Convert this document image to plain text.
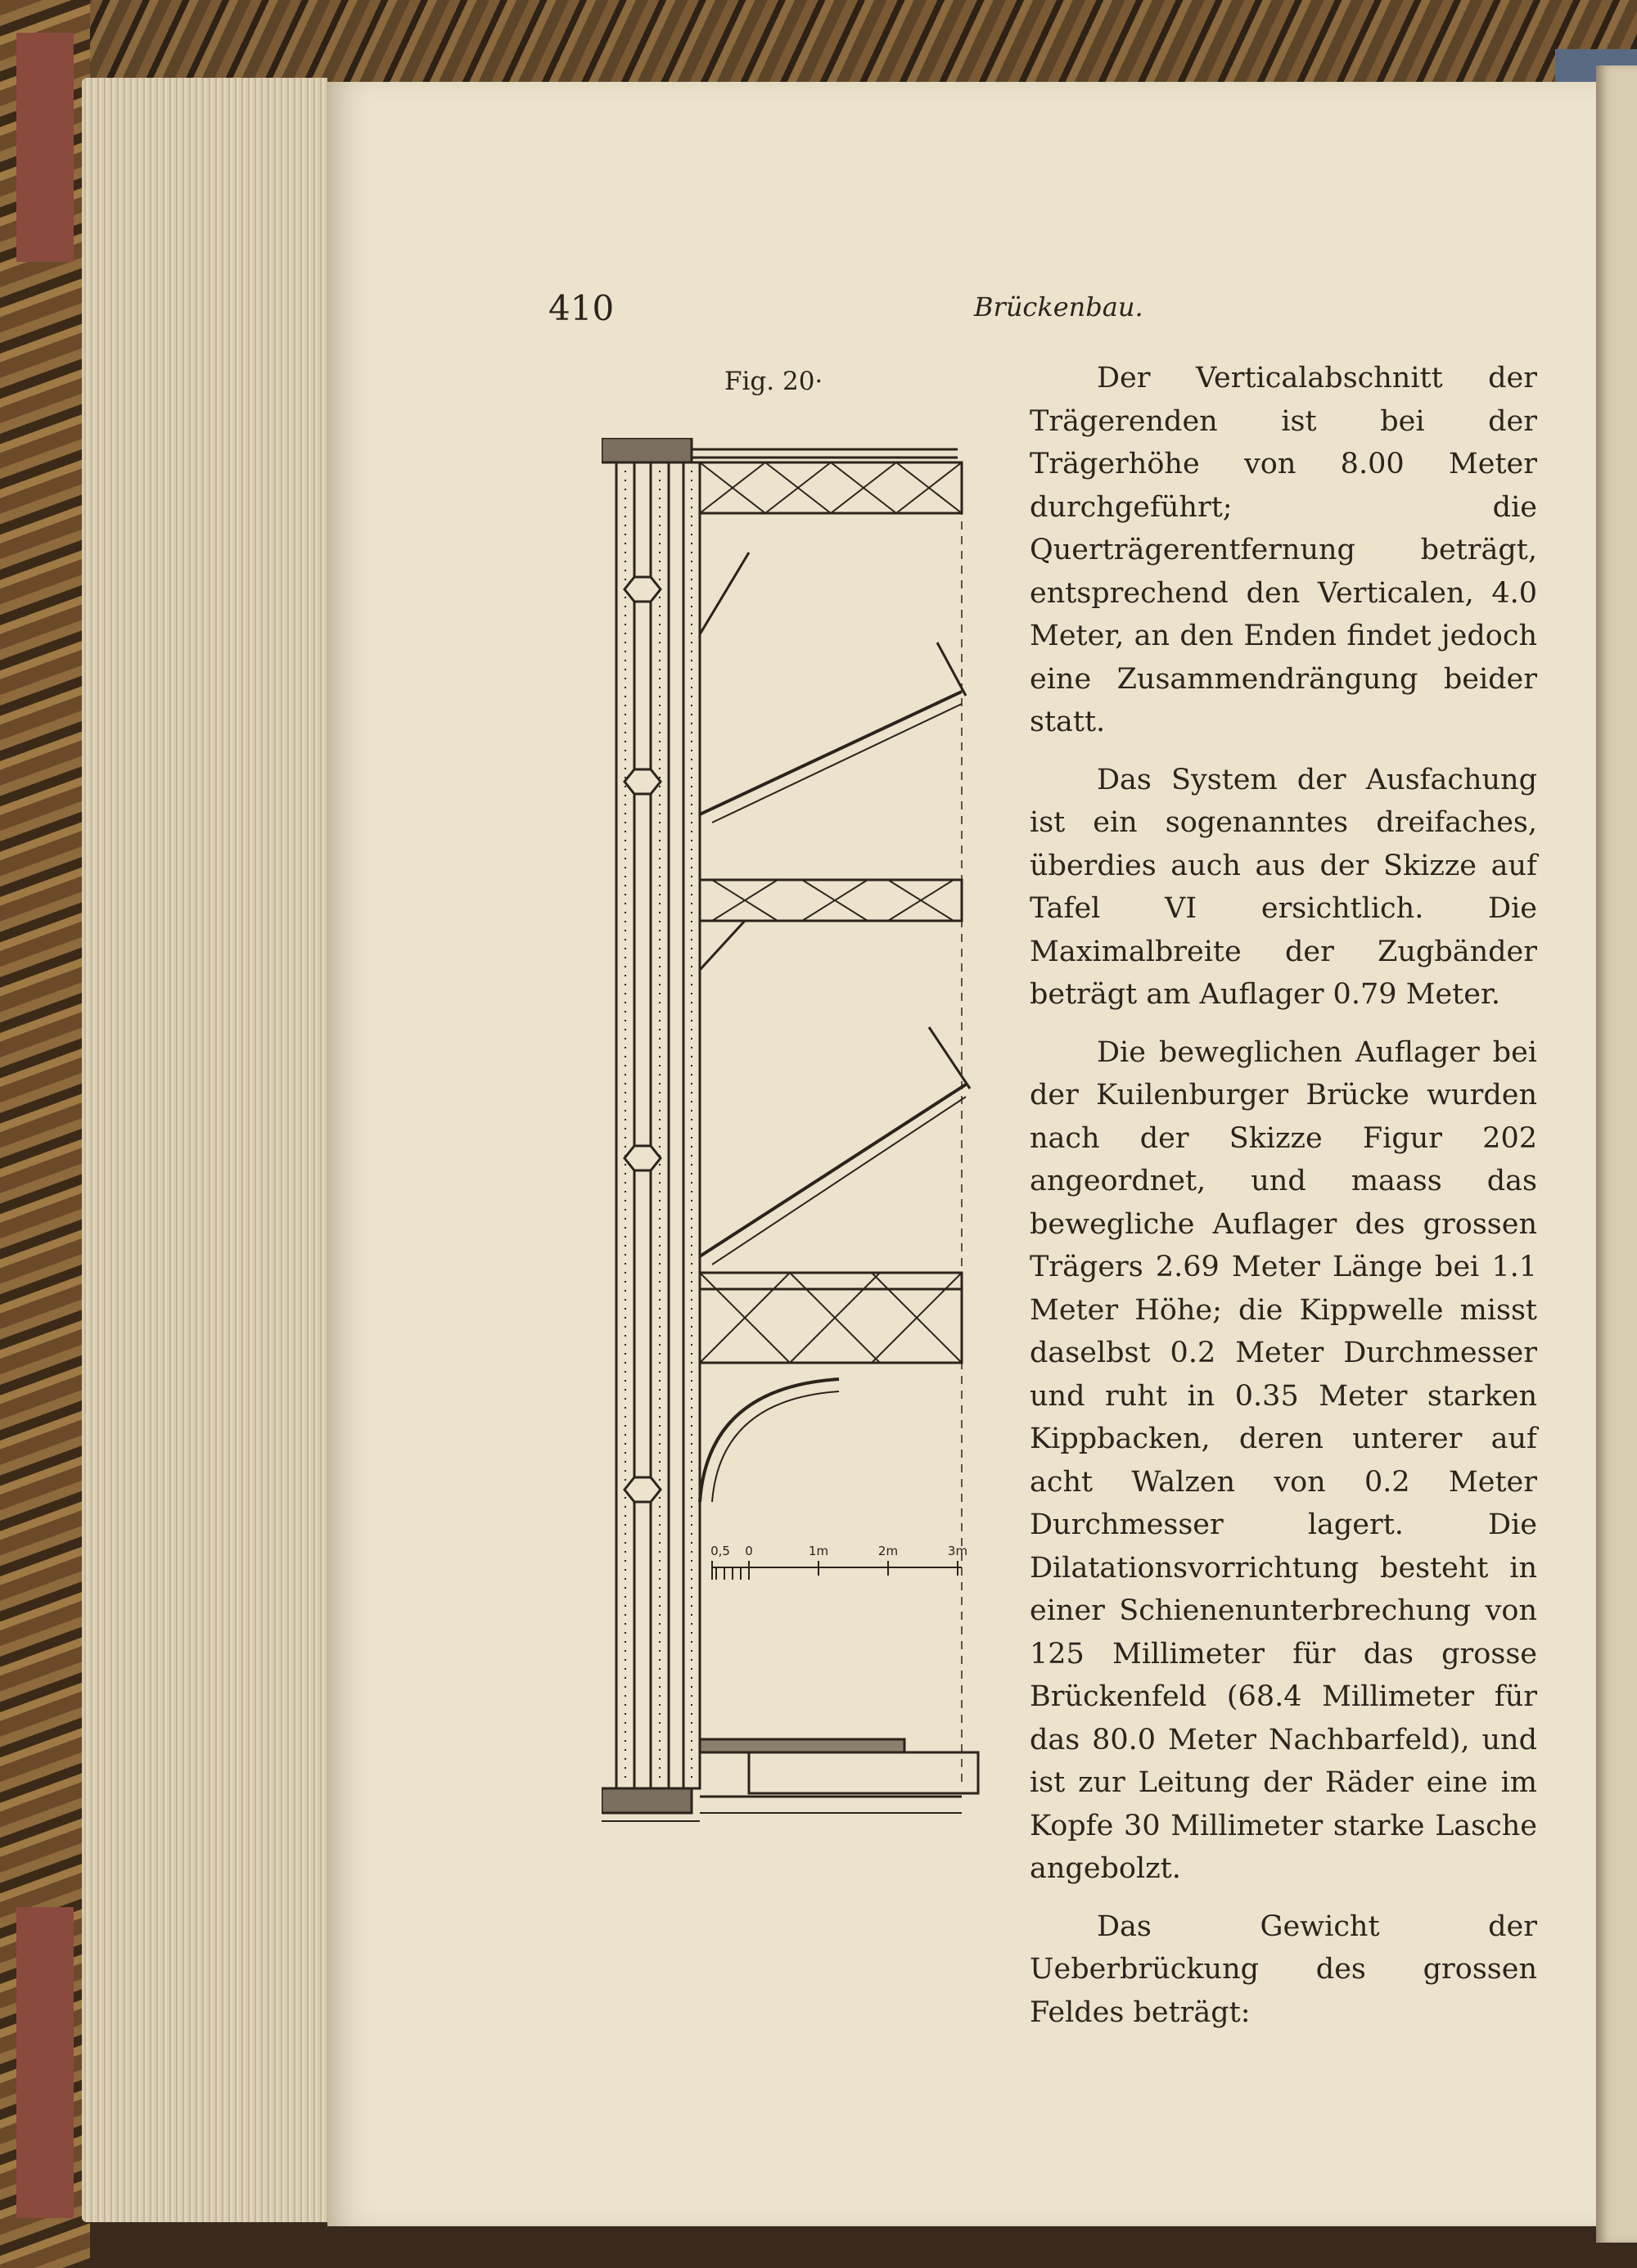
410	Brückenbau.
Fig. 20·
0,5 0	1m	2m	3m

Der Verticalabschnitt der Trägerenden ist bei der Trägerhöhe von 8.00 Meter durchgeführt; die Querträgerentfernung beträgt, entsprechend den Verticalen, 4.0 Meter, an den Enden findet jedoch eine Zusammendrängung beider statt.

Das System der Ausfachung ist ein sogenanntes dreifaches, überdies auch aus der Skizze auf Tafel VI ersichtlich. Die Maximalbreite der Zugbänder beträgt am Auflager 0.79 Meter.

Die beweglichen Auflager bei der Kuilenburger Brücke wurden nach der Skizze Figur 202 angeordnet, und maass das bewegliche Auflager des grossen Trägers 2.69 Meter Länge bei 1.1 Meter Höhe; die Kippwelle misst daselbst 0.2 Meter Durchmesser und ruht in 0.35 Meter starken Kippbacken, deren unterer auf acht Walzen von 0.2 Meter Durchmesser lagert. Die Dilatationsvorrichtung besteht in einer Schienenunterbrechung von 125 Millimeter für das grosse Brückenfeld (68.4 Millimeter für das 80.0 Meter Nachbarfeld), und ist zur Leitung der Räder eine im Kopfe 30 Millimeter starke Lasche angebolzt.

Das Gewicht der Ueberbrückung des grossen Feldes beträgt:
